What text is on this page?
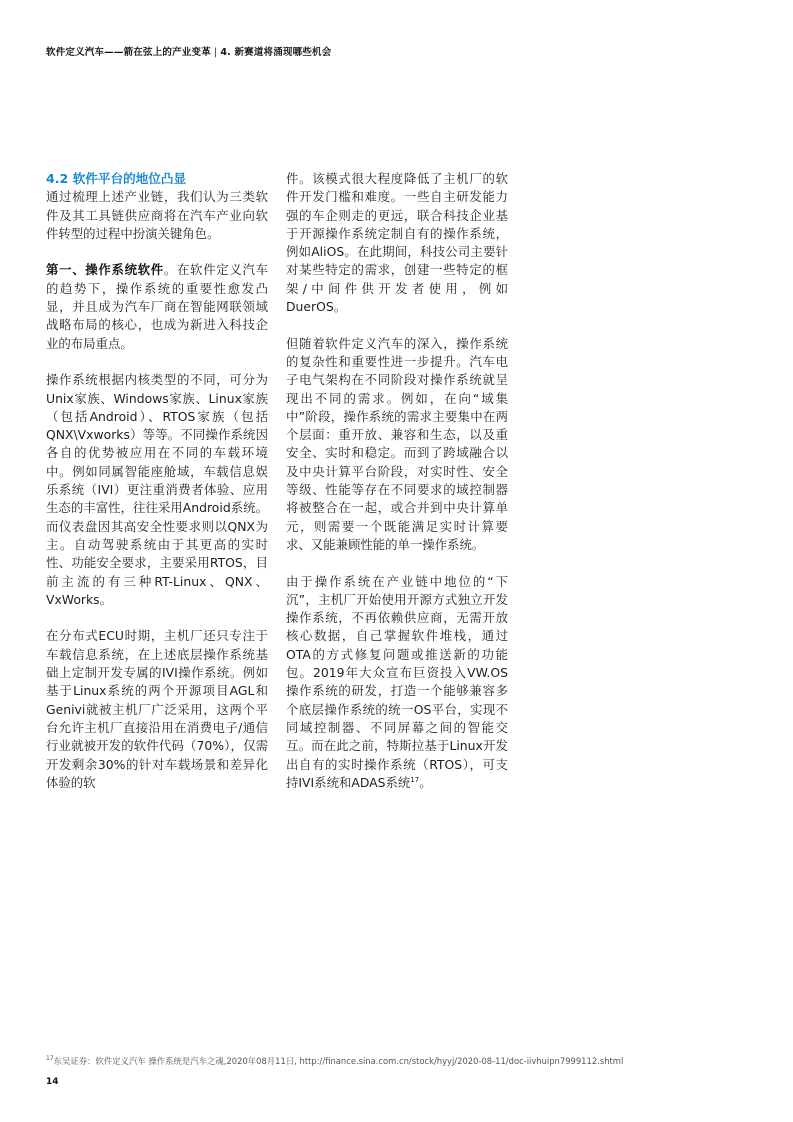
软件定义汽车——箭在弦上的产业变革 | 4. 新赛道将涌现哪些机会
4.2 软件平台的地位凸显

通过梳理上述产业链，我们认为三类软件及其工具链供应商将在汽车产业向软件转型的过程中扮演关键角色。

第一、操作系统软件。在软件定义汽车的趋势下，操作系统的重要性愈发凸显，并且成为汽车厂商在智能网联领域战略布局的核心，也成为新进入科技企业的布局重点。

操作系统根据内核类型的不同，可分为Unix家族、Windows家族、Linux家族（包括Android）、RTOS家族（包括QNX\Vxworks）等等。不同操作系统因各自的优势被应用在不同的车载环境中。例如同属智能座舱域，车载信息娱乐系统（IVI）更注重消费者体验、应用生态的丰富性，往往采用Android系统。而仪表盘因其高安全性要求则以QNX为主。自动驾驶系统由于其更高的实时性、功能安全要求，主要采用RTOS，目前主流的有三种RT-Linux、QNX、VxWorks。

在分布式ECU时期，主机厂还只专注于车载信息系统，在上述底层操作系统基础上定制开发专属的IVI操作系统。例如基于Linux系统的两个开源项目AGL和Genivi就被主机厂广泛采用，这两个平台允许主机厂直接沿用在消费电子/通信行业就被开发的软件代码（70%），仅需开发剩余30%的针对车载场景和差异化体验的软

件。该模式很大程度降低了主机厂的软件开发门槛和难度。一些自主研发能力强的车企则走的更远，联合科技企业基于开源操作系统定制自有的操作系统，例如AliOS。在此期间，科技公司主要针对某些特定的需求，创建一些特定的框架/中间件供开发者使用，例如DuerOS。

但随着软件定义汽车的深入，操作系统的复杂性和重要性进一步提升。汽车电子电气架构在不同阶段对操作系统就呈现出不同的需求。例如，在向“域集中”阶段，操作系统的需求主要集中在两个层面：重开放、兼容和生态，以及重安全、实时和稳定。而到了跨域融合以及中央计算平台阶段，对实时性、安全等级、性能等存在不同要求的域控制器将被整合在一起，或合并到中央计算单元，则需要一个既能满足实时计算要求、又能兼顾性能的单一操作系统。

由于操作系统在产业链中地位的“下沉”，主机厂开始使用开源方式独立开发操作系统，不再依赖供应商，无需开放核心数据，自己掌握软件堆栈，通过OTA的方式修复问题或推送新的功能包。2019年大众宣布巨资投入VW.OS 操作系统的研发，打造一个能够兼容多个底层操作系统的统一OS平台，实现不同域控制器、不同屏幕之间的智能交互。而在此之前，特斯拉基于Linux开发出自有的实时操作系统（RTOS），可支持IVI系统和ADAS系统$^{17}$。

$^{17}$东吴证券：软件定义汽车 操作系统是汽车之魂,2020年08月11日, http://finance.sina.com.cn/stock/hyyj/2020-08-11/doc-iivhuipn7999112.shtml
14
